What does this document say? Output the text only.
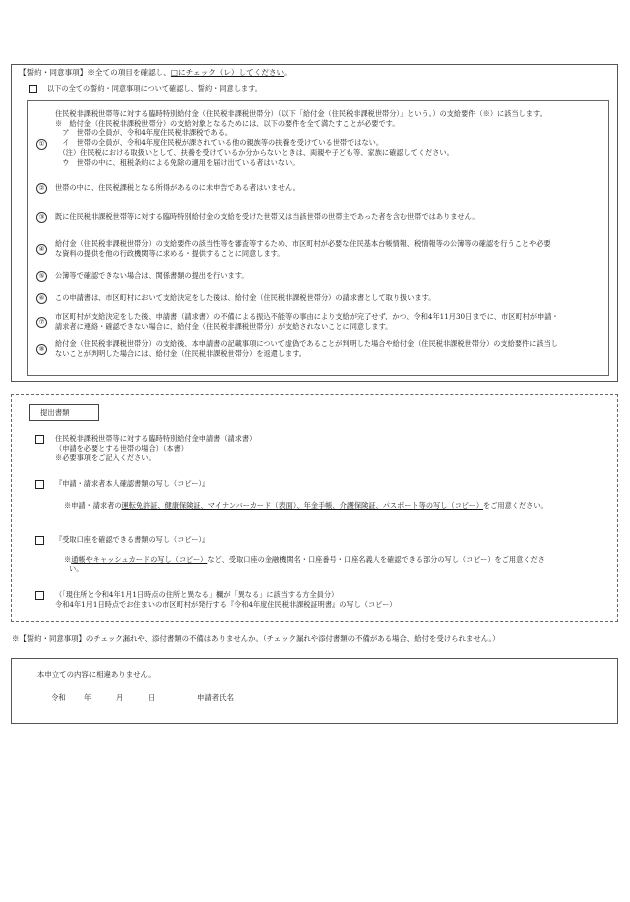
【誓約・同意事項】※全ての項目を確認し、□にチェック（レ）してください。
以下の全ての誓約・同意事項について確認し、誓約・同意します。
①
住民税非課税世帯等に対する臨時特別給付金（住民税非課税世帯分）（以下「給付金（住民税非課税世帯分）」という。）の支給要件（※）に該当します。
※　給付金（住民税非課税世帯分）の支給対象となるためには、以下の要件を全て満たすことが必要です。
　ア　世帯の全員が、令和4年度住民税非課税である。
　イ　世帯の全員が、令和4年度住民税が課されている他の親族等の扶養を受けている世帯ではない。
　（注）住民税における取扱いとして、扶養を受けているか分からないときは、両親や子ども等、家族に確認してください。
　ウ　世帯の中に、租税条約による免除の適用を届け出ている者はいない。
②	世帯の中に、住民税課税となる所得があるのに未申告である者はいません。
③	既に住民税非課税世帯等に対する臨時特別給付金の支給を受けた世帯又は当該世帯の世帯主であった者を含む世帯ではありません。
④
給付金（住民税非課税世帯分）の支給要件の該当性等を審査等するため、市区町村が必要な住民基本台帳情報、税情報等の公簿等の確認を行うことや必要
な資料の提供を他の行政機関等に求める・提供することに同意します。
⑤	公簿等で確認できない場合は、関係書類の提出を行います。
⑥	この申請書は、市区町村において支給決定をした後は、給付金（住民税非課税世帯分）の請求書として取り扱います。
⑦
市区町村が支給決定をした後、申請書（請求書）の不備による振込不能等の事由により支給が完了せず、かつ、令和4年11月30日までに、市区町村が申請・
請求者に連絡・確認できない場合に、給付金（住民税非課税世帯分）が支給されないことに同意します。
⑧
給付金（住民税非課税世帯分）の支給後、本申請書の記載事項について虚偽であることが判明した場合や給付金（住民税非課税世帯分）の支給要件に該当し
ないことが判明した場合には、給付金（住民税非課税世帯分）を返還します。
提出書類
住民税非課税世帯等に対する臨時特別給付金申請書（請求書）
（申請を必要とする世帯の場合）（本書）
※必要事項をご記入ください。
『申請・請求者本人確認書類の写し（コピー）』
※申請・請求者の運転免許証、健康保険証、マイナンバーカード（表面）、年金手帳、介護保険証、パスポート等の写し（コピー）をご用意ください。
『受取口座を確認できる書類の写し（コピー）』
※通帳やキャッシュカードの写し（コピー）など、受取口座の金融機関名・口座番号・口座名義人を確認できる部分の写し（コピー）をご用意くださ
い。
（「現住所と令和4年1月1日時点の住所と異なる」欄が「異なる」に該当する方全員分）
令和4年1月1日時点でお住まいの市区町村が発行する『令和4年度住民税非課税証明書』の写し（コピー）
※【誓約・同意事項】のチェック漏れや、添付書類の不備はありませんか。（チェック漏れや添付書類の不備がある場合、給付を受けられません。）
本申立ての内容に相違ありません。
令和 年	月	日	申請者氏名
